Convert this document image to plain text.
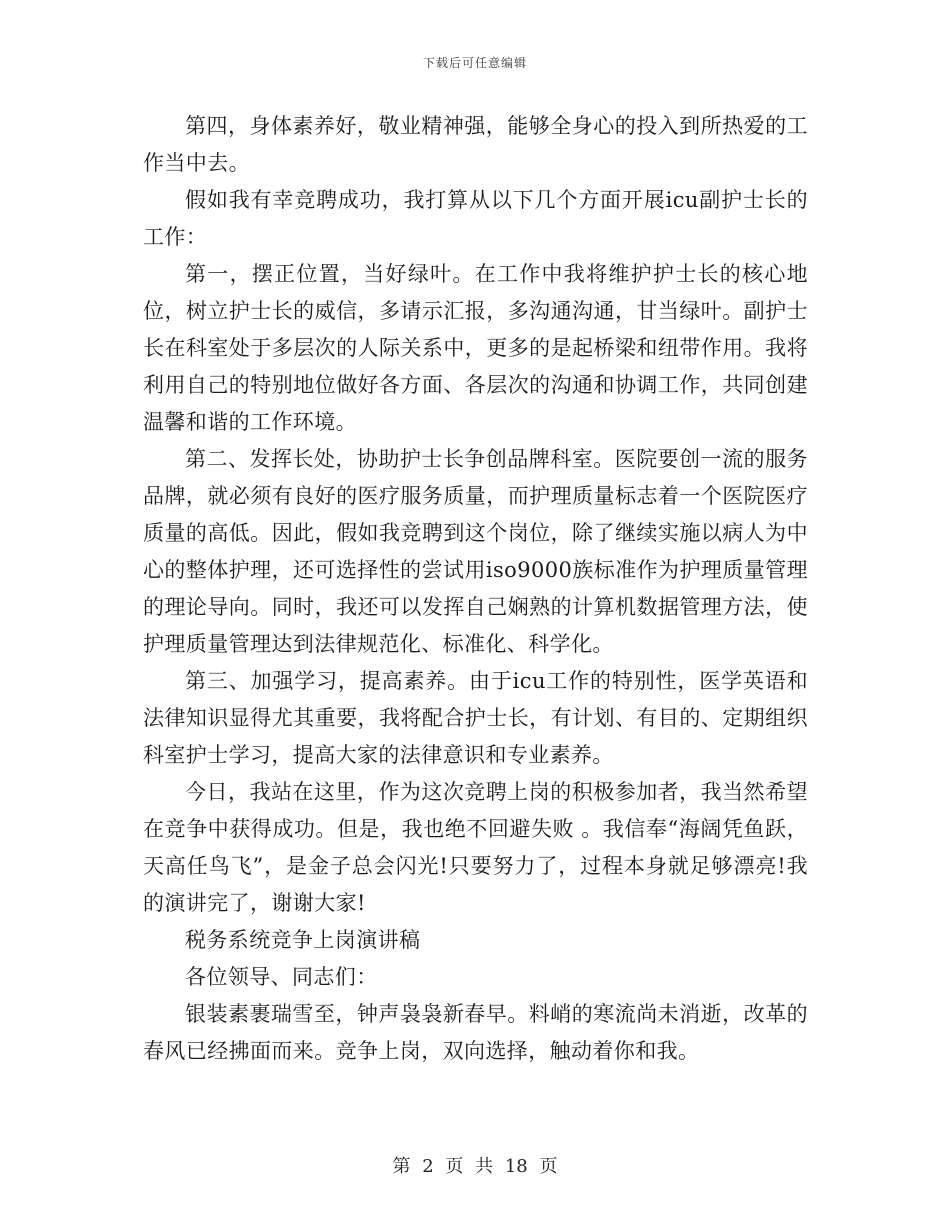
下载后可任意编辑

第四，身体素养好，敬业精神强，能够全身心的投入到所热爱的工作当中去。

假如我有幸竞聘成功，我打算从以下几个方面开展icu副护士长的工作：

第一，摆正位置，当好绿叶。在工作中我将维护护士长的核心地位，树立护士长的威信，多请示汇报，多沟通沟通，甘当绿叶。副护士长在科室处于多层次的人际关系中，更多的是起桥梁和纽带作用。我将利用自己的特别地位做好各方面、各层次的沟通和协调工作，共同创建温馨和谐的工作环境。

第二、发挥长处，协助护士长争创品牌科室。医院要创一流的服务品牌，就必须有良好的医疗服务质量，而护理质量标志着一个医院医疗质量的高低。因此，假如我竞聘到这个岗位，除了继续实施以病人为中心的整体护理，还可选择性的尝试用iso9000族标准作为护理质量管理的理论导向。同时，我还可以发挥自己娴熟的计算机数据管理方法，使护理质量管理达到法律规范化、标准化、科学化。

第三、加强学习，提高素养。由于icu工作的特别性，医学英语和法律知识显得尤其重要，我将配合护士长，有计划、有目的、定期组织科室护士学习，提高大家的法律意识和专业素养。

今日，我站在这里，作为这次竞聘上岗的积极参加者，我当然希望在竞争中获得成功。但是，我也绝不回避失败 。我信奉“海阔凭鱼跃，天高任鸟飞”，是金子总会闪光!只要努力了，过程本身就足够漂亮!我的演讲完了，谢谢大家!

税务系统竞争上岗演讲稿

各位领导、同志们：

银装素裹瑞雪至，钟声袅袅新春早。料峭的寒流尚未消逝，改革的春风已经拂面而来。竞争上岗，双向选择，触动着你和我。

第 2 页 共 18 页
